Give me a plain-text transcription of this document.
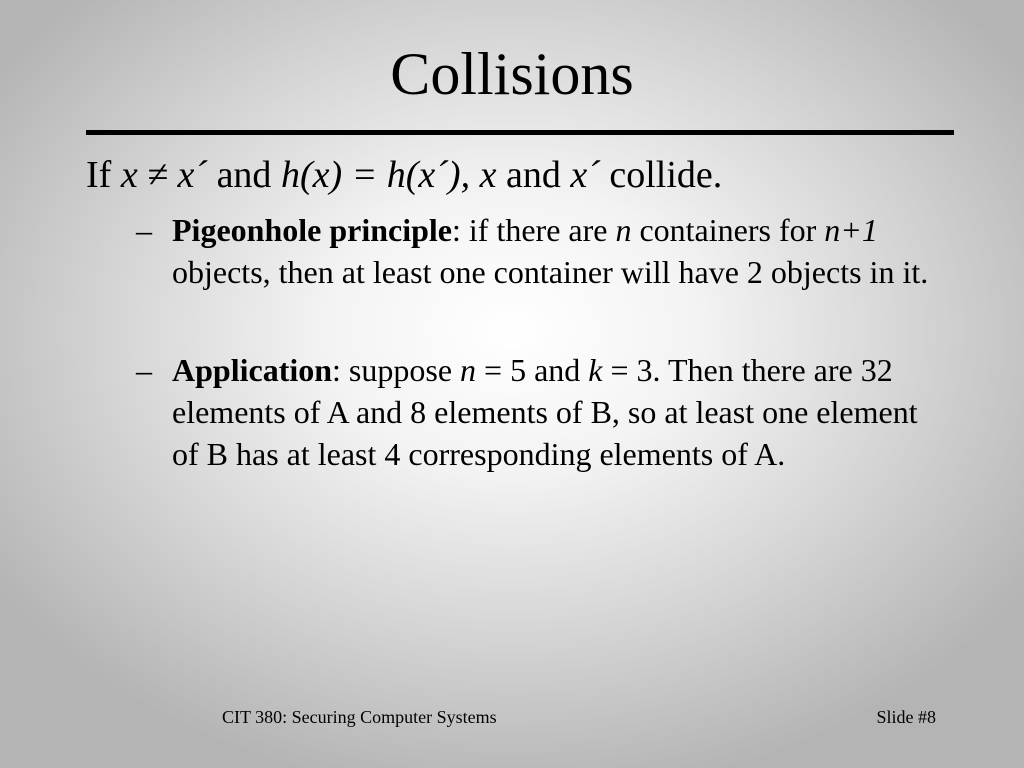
Collisions
If x ≠ x´ and h(x) = h(x´), x and x´ collide.
– Pigeonhole principle: if there are n containers for n+1 objects, then at least one container will have 2 objects in it.
– Application: suppose n = 5 and k = 3. Then there are 32 elements of A and 8 elements of B, so at least one element of B has at least 4 corresponding elements of A.
CIT 380: Securing Computer Systems	Slide #8
